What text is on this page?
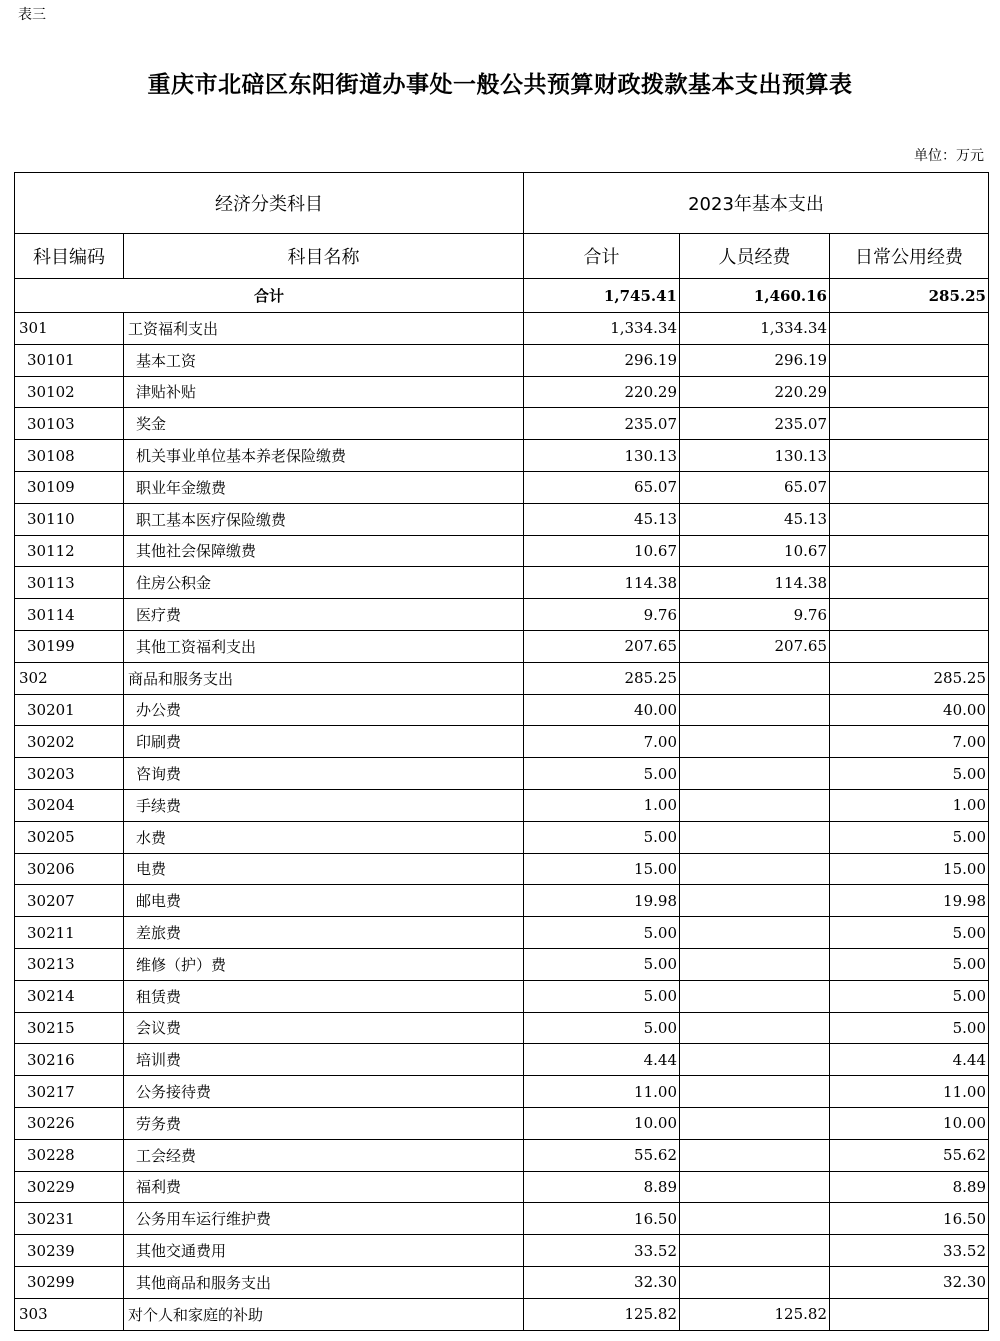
表三
重庆市北碚区东阳街道办事处一般公共预算财政拨款基本支出预算表
单位：万元
经济分类科目		2023年基本支出		
科目编码	科目名称	合计	人员经费	日常公用经费
合计		1,745.41	1,460.16	285.25
301	工资福利支出	1,334.34	1,334.34	
30101	基本工资	296.19	296.19	
30102	津贴补贴	220.29	220.29	
30103	奖金	235.07	235.07	
30108	机关事业单位基本养老保险缴费	130.13	130.13	
30109	职业年金缴费	65.07	65.07	
30110	职工基本医疗保险缴费	45.13	45.13	
30112	其他社会保障缴费	10.67	10.67	
30113	住房公积金	114.38	114.38	
30114	医疗费	9.76	9.76	
30199	其他工资福利支出	207.65	207.65	
302	商品和服务支出	285.25		285.25
30201	办公费	40.00		40.00
30202	印刷费	7.00		7.00
30203	咨询费	5.00		5.00
30204	手续费	1.00		1.00
30205	水费	5.00		5.00
30206	电费	15.00		15.00
30207	邮电费	19.98		19.98
30211	差旅费	5.00		5.00
30213	维修（护）费	5.00		5.00
30214	租赁费	5.00		5.00
30215	会议费	5.00		5.00
30216	培训费	4.44		4.44
30217	公务接待费	11.00		11.00
30226	劳务费	10.00		10.00
30228	工会经费	55.62		55.62
30229	福利费	8.89		8.89
30231	公务用车运行维护费	16.50		16.50
30239	其他交通费用	33.52		33.52
30299	其他商品和服务支出	32.30		32.30
303	对个人和家庭的补助	125.82	125.82	
